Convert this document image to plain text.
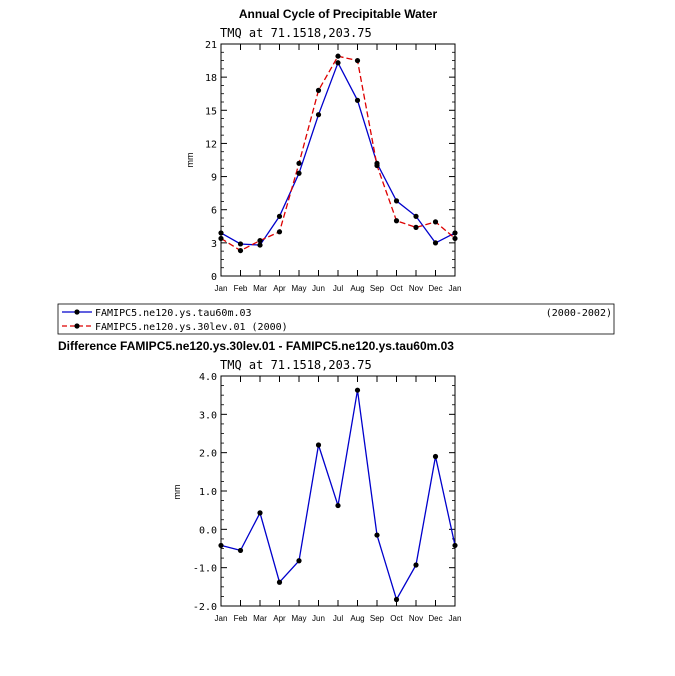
Annual Cycle of Precipitable Water
TMQ at 71.1518,203.75
mm
0
3
6
9
12
15
18
21
Jan Feb Mar Apr May Jun Jul Aug Sep Oct Nov Dec Jan
FAMIPC5.ne120.ys.tau60m.03	(2000-2002)
FAMIPC5.ne120.ys.30lev.01 (2000)
Difference FAMIPC5.ne120.ys.30lev.01 - FAMIPC5.ne120.ys.tau60m.03
TMQ at 71.1518,203.75
mm
-2.0
-1.0
0.0
1.0
2.0
3.0
4.0
Jan Feb Mar Apr May Jun Jul Aug Sep Oct Nov Dec Jan
